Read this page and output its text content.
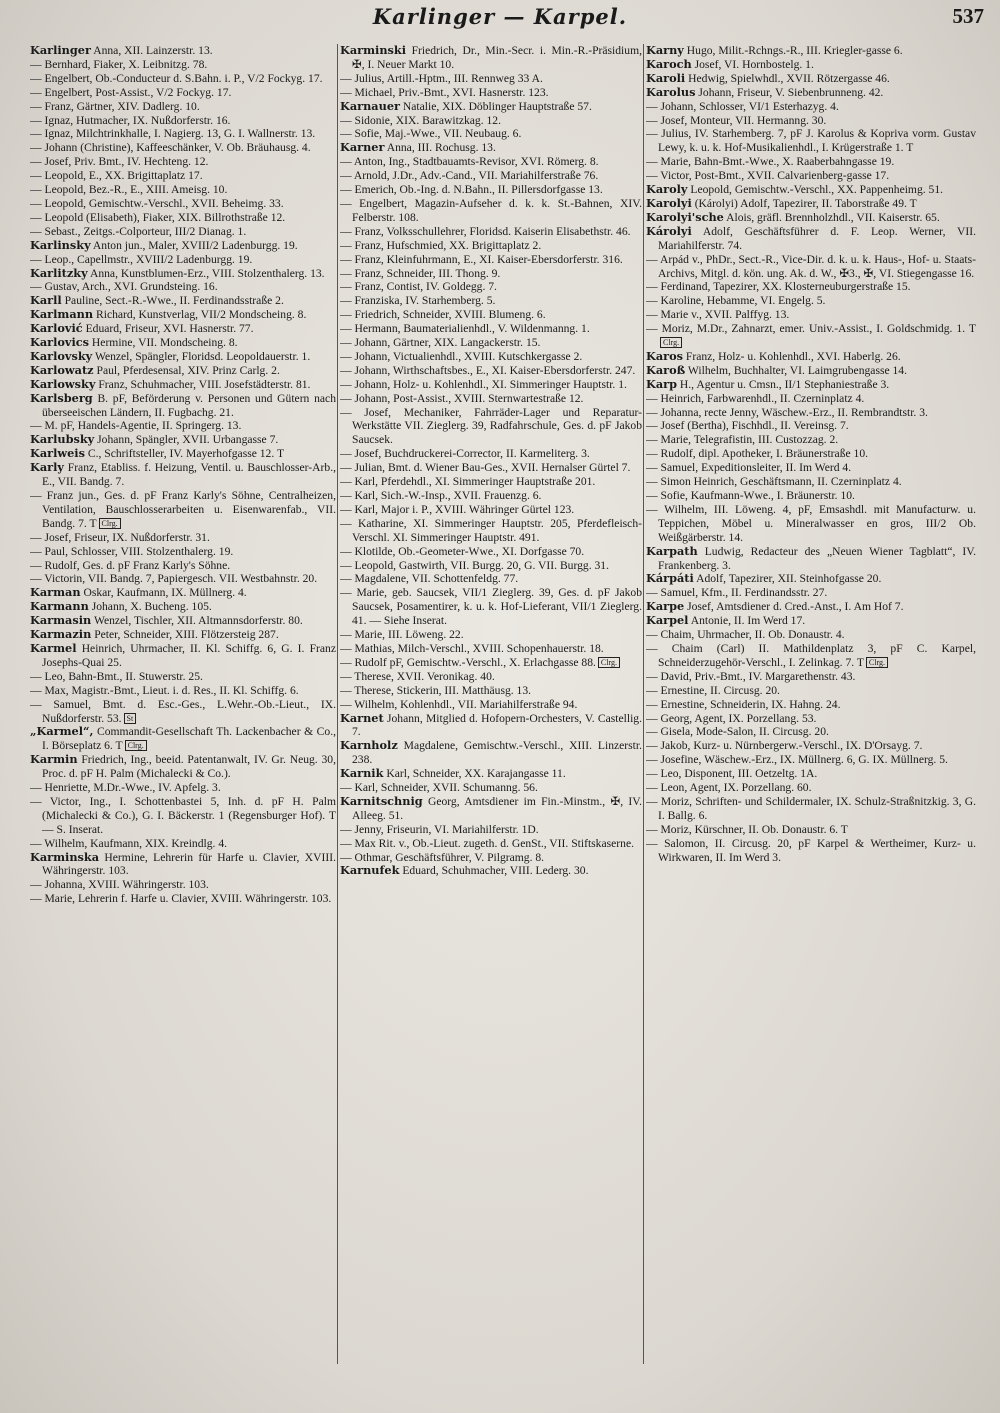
Karlinger — Karpel.	537
Karlinger Anna, XII. Lainzerstr. 13.
— Bernhard, Fiaker, X. Leibnitzg. 78.
— Engelbert, Ob.-Conducteur d. S.Bahn. i. P., V/2 Fockyg. 17.
— Engelbert, Post-Assist., V/2 Fockyg. 17.
— Franz, Gärtner, XIV. Dadlerg. 10.
— Ignaz, Hutmacher, IX. Nußdorferstr. 16.
— Ignaz, Milchtrinkhalle, I. Nagierg. 13, G. I. Wallnerstr. 13.
— Johann (Christine), Kaffeeschänker, V. Ob. Bräuhausg. 4.
— Josef, Priv. Bmt., IV. Hechteng. 12.
— Leopold, E., XX. Brigittaplatz 17.
— Leopold, Bez.-R., E., XIII. Ameisg. 10.
— Leopold, Gemischtw.-Verschl., XVII. Beheimg. 33.
— Leopold (Elisabeth), Fiaker, XIX. Billrothstraße 12.
— Sebast., Zeitgs.-Colporteur, III/2 Dianag. 1.
Karlinsky Anton jun., Maler, XVIII/2 Ladenburgg. 19.
— Leop., Capellmstr., XVIII/2 Ladenburgg. 19.
Karlitzky Anna, Kunstblumen-Erz., VIII. Stolzenthalerg. 13.
— Gustav, Arch., XVI. Grundsteing. 16.
Karll Pauline, Sect.-R.-Wwe., II. Ferdinandsstraße 2.
Karlmann Richard, Kunstverlag, VII/2 Mondscheing. 8.
Karlović Eduard, Friseur, XVI. Hasnerstr. 77.
Karlovics Hermine, VII. Mondscheing. 8.
Karlovsky Wenzel, Spängler, Floridsd. Leopoldauerstr. 1.
Karlowatz Paul, Pferdesensal, XIV. Prinz Carlg. 2.
Karlowsky Franz, Schuhmacher, VIII. Josefstädterstr. 81.
Karlsberg B. pF, Beförderung v. Personen und Gütern nach überseeischen Ländern, II. Fugbachg. 21.
— M. pF, Handels-Agentie, II. Springerg. 13.
Karlubsky Johann, Spängler, XVII. Urbangasse 7.
Karlweis C., Schriftsteller, IV. Mayerhofgasse 12. T
Karly Franz, Etabliss. f. Heizung, Ventil. u. Bauschlosser-Arb., E., VII. Bandg. 7.
— Franz jun., Ges. d. pF Franz Karly's Söhne, Centralheizen, Ventilation, Bauschlosserarbeiten u. Eisenwarenfab., VII. Bandg. 7. T Clrg.
— Josef, Friseur, IX. Nußdorferstr. 31.
— Paul, Schlosser, VIII. Stolzenthalerg. 19.
— Rudolf, Ges. d. pF Franz Karly's Söhne.
— Victorin, VII. Bandg. 7, Papiergesch. VII. Westbahnstr. 20.
Karman Oskar, Kaufmann, IX. Müllnerg. 4.
Karmann Johann, X. Bucheng. 105.
Karmasin Wenzel, Tischler, XII. Altmannsdorferstr. 80.
Karmazin Peter, Schneider, XIII. Flötzersteig 287.
Karmel Heinrich, Uhrmacher, II. Kl. Schiffg. 6, G. I. Franz Josephs-Quai 25.
— Leo, Bahn-Bmt., II. Stuwerstr. 25.
— Max, Magistr.-Bmt., Lieut. i. d. Res., II. Kl. Schiffg. 6.
— Samuel, Bmt. d. Esc.-Ges., L.Wehr.-Ob.-Lieut., IX. Nußdorferstr. 53. St
„Karmel“, Commandit-Gesellschaft Th. Lackenbacher & Co., I. Börseplatz 6. T Clrg.
Karmin Friedrich, Ing., beeid. Patentanwalt, IV. Gr. Neug. 30, Proc. d. pF H. Palm (Michalecki & Co.).
— Henriette, M.Dr.-Wwe., IV. Apfelg. 3.
— Victor, Ing., I. Schottenbastei 5, Inh. d. pF H. Palm (Michalecki & Co.), G. I. Bäckerstr. 1 (Regensburger Hof). T — S. Inserat.
— Wilhelm, Kaufmann, XIX. Kreindlg. 4.
Karminska Hermine, Lehrerin für Harfe u. Clavier, XVIII. Währingerstr. 103.
— Johanna, XVIII. Währingerstr. 103.
— Marie, Lehrerin f. Harfe u. Clavier, XVIII. Währingerstr. 103.
Karminski Friedrich, Dr., Min.-Secr. i. Min.-R.-Präsidium, ✠, I. Neuer Markt 10.
— Julius, Artill.-Hptm., III. Rennweg 33 A.
— Michael, Priv.-Bmt., XVI. Hasnerstr. 123.
Karnauer Natalie, XIX. Döblinger Hauptstraße 57.
— Sidonie, XIX. Barawitzkag. 12.
— Sofie, Maj.-Wwe., VII. Neubaug. 6.
Karner Anna, III. Rochusg. 13.
— Anton, Ing., Stadtbauamts-Revisor, XVI. Römerg. 8.
— Arnold, J.Dr., Adv.-Cand., VII. Mariahilferstraße 76.
— Emerich, Ob.-Ing. d. N.Bahn., II. Pillersdorfgasse 13.
— Engelbert, Magazin-Aufseher d. k. k. St.-Bahnen, XIV. Felberstr. 108.
— Franz, Volksschullehrer, Floridsd. Kaiserin Elisabethstr. 46.
— Franz, Hufschmied, XX. Brigittaplatz 2.
— Franz, Kleinfuhrmann, E., XI. Kaiser-Ebersdorferstr. 316.
— Franz, Schneider, III. Thong. 9.
— Franz, Contist, IV. Goldegg. 7.
— Franziska, IV. Starhemberg. 5.
— Friedrich, Schneider, XVIII. Blumeng. 6.
— Hermann, Baumaterialienhdl., V. Wildenmanng. 1.
— Johann, Gärtner, XIX. Langackerstr. 15.
— Johann, Victualienhdl., XVIII. Kutschkergasse 2.
— Johann, Wirthschaftsbes., E., XI. Kaiser-Ebersdorferstr. 247.
— Johann, Holz- u. Kohlenhdl., XI. Simmeringer Hauptstr. 1.
— Johann, Post-Assist., XVIII. Sternwartestraße 12.
— Josef, Mechaniker, Fahrräder-Lager und Reparatur-Werkstätte VII. Zieglerg. 39, Radfahrschule, Ges. d. pF Jakob Saucsek.
— Josef, Buchdruckerei-Corrector, II. Karmeliterg. 3.
— Julian, Bmt. d. Wiener Bau-Ges., XVII. Hernalser Gürtel 7.
— Karl, Pferdehdl., XI. Simmeringer Hauptstraße 201.
— Karl, Sich.-W.-Insp., XVII. Frauenzg. 6.
— Karl, Major i. P., XVIII. Währinger Gürtel 123.
— Katharine, XI. Simmeringer Hauptstr. 205, Pferdefleisch-Verschl. XI. Simmeringer Hauptstr. 491.
— Klotilde, Ob.-Geometer-Wwe., XI. Dorfgasse 70.
— Leopold, Gastwirth, VII. Burgg. 20, G. VII. Burgg. 31.
— Magdalene, VII. Schottenfeldg. 77.
— Marie, geb. Saucsek, VII/1 Zieglerg. 39, Ges. d. pF Jakob Saucsek, Posamentirer, k. u. k. Hof-Lieferant, VII/1 Zieglerg. 41. — Siehe Inserat.
— Marie, III. Löweng. 22.
— Mathias, Milch-Verschl., XVIII. Schopenhauerstr. 18.
— Rudolf pF, Gemischtw.-Verschl., X. Erlachgasse 88. Clrg.
— Therese, XVII. Veronikag. 40.
— Therese, Stickerin, III. Matthäusg. 13.
— Wilhelm, Kohlenhdl., VII. Mariahilferstraße 94.
Karnet Johann, Mitglied d. Hofopern-Orchesters, V. Castellig. 7.
Karnholz Magdalene, Gemischtw.-Verschl., XIII. Linzerstr. 238.
Karnik Karl, Schneider, XX. Karajangasse 11.
— Karl, Schneider, XVII. Schumanng. 56.
Karnitschnig Georg, Amtsdiener im Fin.-Minstm., ✠, IV. Alleeg. 51.
— Jenny, Friseurin, VI. Mariahilferstr. 1D.
— Max Rit. v., Ob.-Lieut. zugeth. d. GenSt., VII. Stiftskaserne.
— Othmar, Geschäftsführer, V. Pilgramg. 8.
Karnufek Eduard, Schuhmacher, VIII. Lederg. 30.
Karny Hugo, Milit.-Rchngs.-R., III. Kriegler-gasse 6.
Karoch Josef, VI. Hornbostelg. 1.
Karoli Hedwig, Spielwhdl., XVII. Rötzergasse 46.
Karolus Johann, Friseur, V. Siebenbrunneng. 42.
— Johann, Schlosser, VI/1 Esterhazyg. 4.
— Josef, Monteur, VII. Hermanng. 30.
— Julius, IV. Starhemberg. 7, pF J. Karolus & Kopriva vorm. Gustav Lewy, k. u. k. Hof-Musikalienhdl., I. Krügerstraße 1. T
— Marie, Bahn-Bmt.-Wwe., X. Raaberbahngasse 19.
— Victor, Post-Bmt., XVII. Calvarienberg-gasse 17.
Karoly Leopold, Gemischtw.-Verschl., XX. Pappenheimg. 51.
Karolyi (Károlyi) Adolf, Tapezirer, II. Taborstraße 49. T
Karolyi'sche Alois, gräfl. Brennholzhdl., VII. Kaiserstr. 65.
Károlyi Adolf, Geschäftsführer d. F. Leop. Werner, VII. Mariahilferstr. 74.
— Arpád v., PhDr., Sect.-R., Vice-Dir. d. k. u. k. Haus-, Hof- u. Staats-Archivs, Mitgl. d. kön. ung. Ak. d. W., ✠3., ✠, VI. Stiegengasse 16.
— Ferdinand, Tapezirer, XX. Klosterneuburgerstraße 15.
— Karoline, Hebamme, VI. Engelg. 5.
— Marie v., XVII. Palffyg. 13.
— Moriz, M.Dr., Zahnarzt, emer. Univ.-Assist., I. Goldschmidg. 1. TClrg.
Karos Franz, Holz- u. Kohlenhdl., XVI. Haberlg. 26.
Karoß Wilhelm, Buchhalter, VI. Laimgrubengasse 14.
Karp H., Agentur u. Cmsn., II/1 Stephaniestraße 3.
— Heinrich, Farbwarenhdl., II. Czerninplatz 4.
— Johanna, recte Jenny, Wäschew.-Erz., II. Rembrandtstr. 3.
— Josef (Bertha), Fischhdl., II. Vereinsg. 7.
— Marie, Telegrafistin, III. Custozzag. 2.
— Rudolf, dipl. Apotheker, I. Bräunerstraße 10.
— Samuel, Expeditionsleiter, II. Im Werd 4.
— Simon Heinrich, Geschäftsmann, II. Czerninplatz 4.
— Sofie, Kaufmann-Wwe., I. Bräunerstr. 10.
— Wilhelm, III. Löweng. 4, pF, Emsashdl. mit Manufacturw. u. Teppichen, Möbel u. Mineralwasser en gros, III/2 Ob. Weißgärberstr. 14.
Karpath Ludwig, Redacteur des „Neuen Wiener Tagblatt“, IV. Frankenberg. 3.
Kárpáti Adolf, Tapezirer, XII. Steinhofgasse 20.
— Samuel, Kfm., II. Ferdinandsstr. 27.
Karpe Josef, Amtsdiener d. Cred.-Anst., I. Am Hof 7.
Karpel Antonie, II. Im Werd 17.
— Chaim, Uhrmacher, II. Ob. Donaustr. 4.
— Chaim (Carl) II. Mathildenplatz 3, pF C. Karpel, Schneiderzugehör-Verschl., I. Zelinkag. 7. T Clrg.
— David, Priv.-Bmt., IV. Margarethenstr. 43.
— Ernestine, II. Circusg. 20.
— Ernestine, Schneiderin, IX. Hahng. 24.
— Georg, Agent, IX. Porzellang. 53.
— Gisela, Mode-Salon, II. Circusg. 20.
— Jakob, Kurz- u. Nürnbergerw.-Verschl., IX. D'Orsayg. 7.
— Josefine, Wäschew.-Erz., IX. Müllnerg. 6, G. IX. Müllnerg. 5.
— Leo, Disponent, III. Oetzeltg. 1A.
— Leon, Agent, IX. Porzellang. 60.
— Moriz, Schriften- und Schildermaler, IX. Schulz-Straßnitzkig. 3, G. I. Ballg. 6.
— Moriz, Kürschner, II. Ob. Donaustr. 6. T
— Salomon, II. Circusg. 20, pF Karpel & Wertheimer, Kurz- u. Wirkwaren, II. Im Werd 3.
